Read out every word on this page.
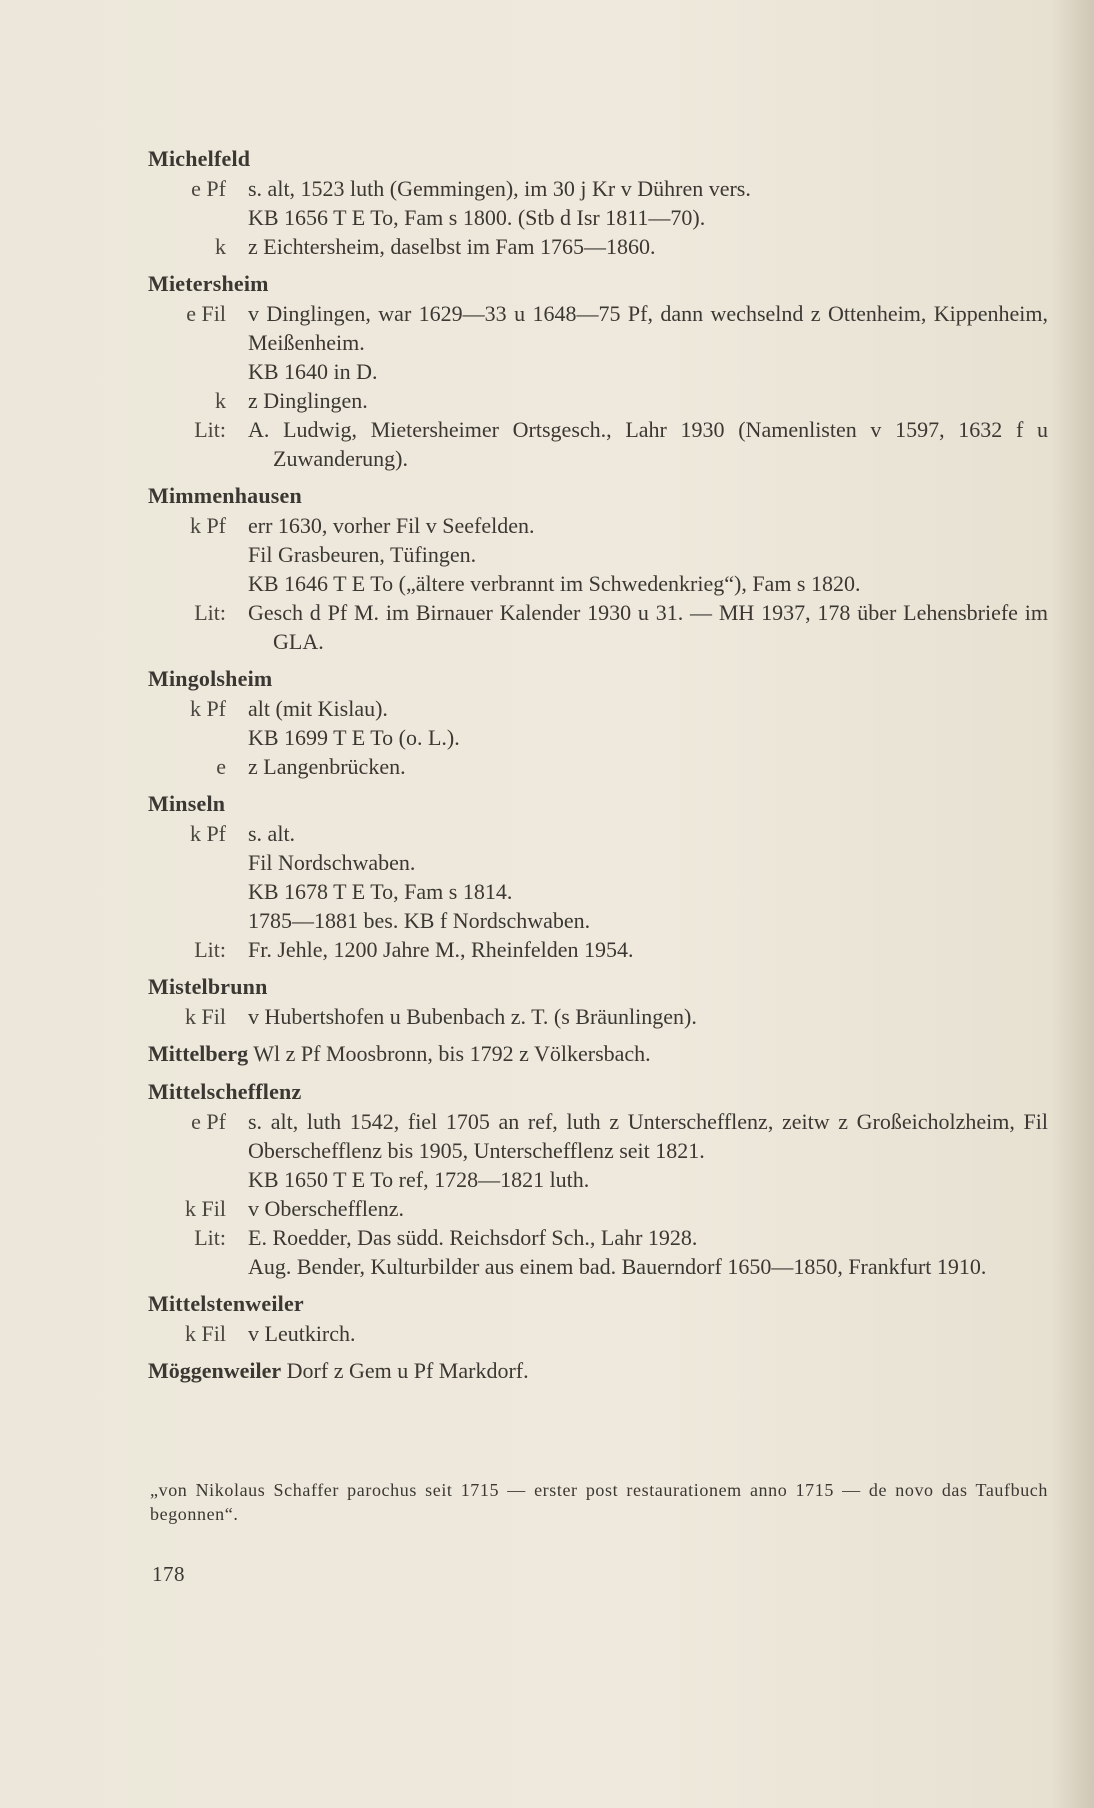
Michelfeld
e Pf	s. alt, 1523 luth (Gemmingen), im 30 j Kr v Dühren vers.
KB 1656 T E To, Fam s 1800. (Stb d Isr 1811—70).
k	z Eichtersheim, daselbst im Fam 1765—1860.
Mietersheim
e Fil	v Dinglingen, war 1629—33 u 1648—75 Pf, dann wechselnd z Ottenheim, Kippenheim, Meißenheim.
KB 1640 in D.
k	z Dinglingen.
Lit:	A. Ludwig, Mietersheimer Ortsgesch., Lahr 1930 (Namenlisten v 1597, 1632 f u Zuwanderung).
Mimmenhausen
k Pf	err 1630, vorher Fil v Seefelden.
Fil Grasbeuren, Tüfingen.
KB 1646 T E To („ältere verbrannt im Schwedenkrieg“), Fam s 1820.
Lit:	Gesch d Pf M. im Birnauer Kalender 1930 u 31. — MH 1937, 178 über Lehensbriefe im GLA.
Mingolsheim
k Pf	alt (mit Kislau).
KB 1699 T E To (o. L.).
e	z Langenbrücken.
Minseln
k Pf	s. alt.
Fil Nordschwaben.
KB 1678 T E To, Fam s 1814.
1785—1881 bes. KB f Nordschwaben.
Lit:	Fr. Jehle, 1200 Jahre M., Rheinfelden 1954.
Mistelbrunn
k Fil	v Hubertshofen u Bubenbach z. T. (s Bräunlingen).
Mittelberg Wl z Pf Moosbronn, bis 1792 z Völkersbach.
Mittelschefflenz
e Pf	s. alt, luth 1542, fiel 1705 an ref, luth z Unterschefflenz, zeitw z Großeicholzheim, Fil Oberschefflenz bis 1905, Unterschefflenz seit 1821.
KB 1650 T E To ref, 1728—1821 luth.
k Fil	v Oberschefflenz.
Lit:	E. Roedder, Das südd. Reichsdorf Sch., Lahr 1928.
Aug. Bender, Kulturbilder aus einem bad. Bauerndorf 1650—1850, Frankfurt 1910.
Mittelstenweiler
k Fil	v Leutkirch.
Möggenweiler Dorf z Gem u Pf Markdorf.
„von Nikolaus Schaffer parochus seit 1715 — erster post restaurationem anno 1715 — de novo das Taufbuch begonnen“.
178
